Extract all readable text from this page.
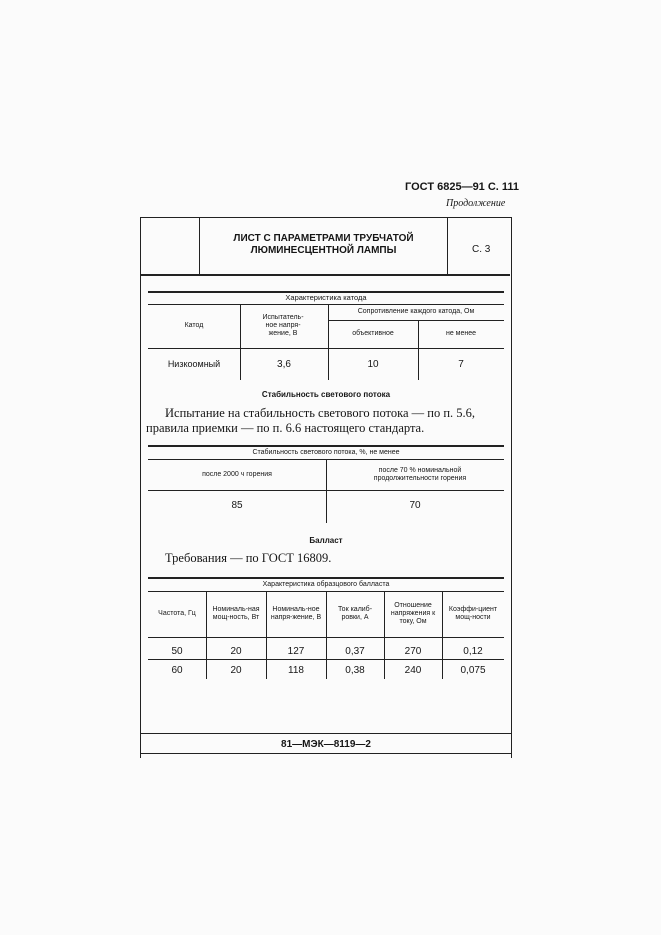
ГОСТ 6825—91 С. 111
Продолжение
ЛИСТ С ПАРАМЕТРАМИ ТРУБЧАТОЙ
ЛЮМИНЕСЦЕНТНОЙ ЛАМПЫ	С. 3
Характеристика катода
Катод
Испытатель-ное напря-жение, В
Сопротивление каждого катода, Ом
объективное	не менее
Низкоомный	3,6	10	7
Стабильность светового потока
Испытание на стабильность светового потока — по п. 5.6,
правила приемки — по п. 6.6 настоящего стандарта.
Стабильность светового потока, %, не менее
после 2000 ч горения
после 70 % номинальной продолжительности горения
85	70
Балласт
Требования — по ГОСТ 16809.
Характеристика образцового балласта
Частота, Гц
Номиналь-ная мощ-ность, Вт
Номиналь-ное напря-жение, В
Ток калиб-ровки, А
Отношение напряжения к току, Ом
Коэффи-циент мощ-ности
50	20	127	0,37	270	0,12
60	20	118	0,38	240	0,075
81—МЭК—8119—2
